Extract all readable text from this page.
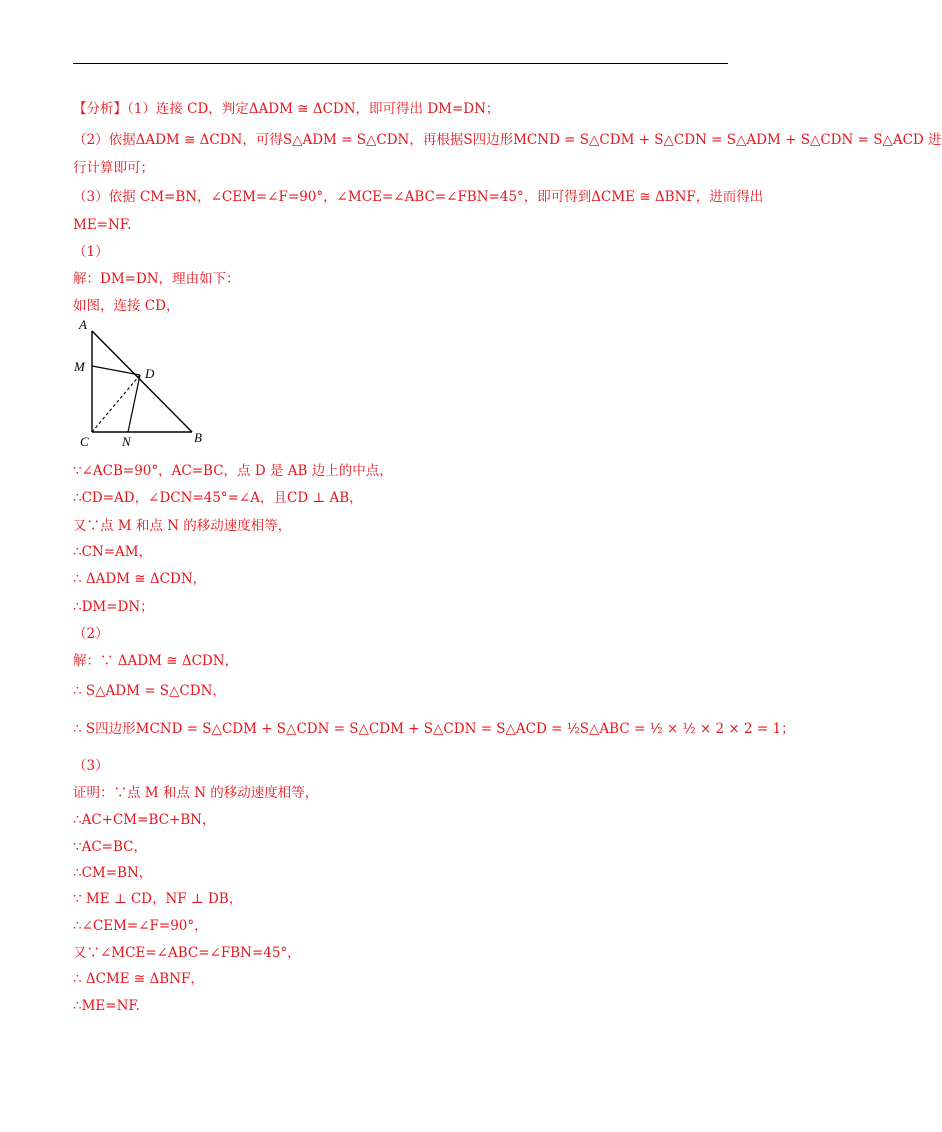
【分析】（1）连接 CD，判定ΔADM ≅ ΔCDN，即可得出 DM=DN；
（2）依据ΔADM ≅ ΔCDN，可得S△ADM = S△CDN，再根据S四边形MCND = S△CDM + S△CDN = S△ADM + S△CDN = S△ACD 进
行计算即可；
（3）依据 CM=BN，∠CEM=∠F=90°，∠MCE=∠ABC=∠FBN=45°，即可得到ΔCME ≅ ΔBNF，进而得出
ME=NF.
（1）
解：DM=DN，理由如下：
如图，连接 CD，
∵∠ACB=90°，AC=BC，点 D 是 AB 边上的中点，
∴CD=AD，∠DCN=45°=∠A，且CD ⊥ AB，
又∵点 M 和点 N 的移动速度相等，
∴CN=AM，
∴ ΔADM ≅ ΔCDN，
∴DM=DN；
（2）
解：∵ ΔADM ≅ ΔCDN，
∴ S△ADM = S△CDN，
∴ S四边形MCND = S△CDM + S△CDN = S△CDM + S△CDN = S△ACD = ½S△ABC = ½ × ½ × 2 × 2 = 1；
（3）
证明：∵点 M 和点 N 的移动速度相等，
∴AC+CM=BC+BN，
∵AC=BC，
∴CM=BN，
∵ ME ⊥ CD，NF ⊥ DB，
∴∠CEM=∠F=90°，
又∵∠MCE=∠ABC=∠FBN=45°，
∴ ΔCME ≅ ΔBNF，
∴ME=NF.
A
M	D
C	N	B
